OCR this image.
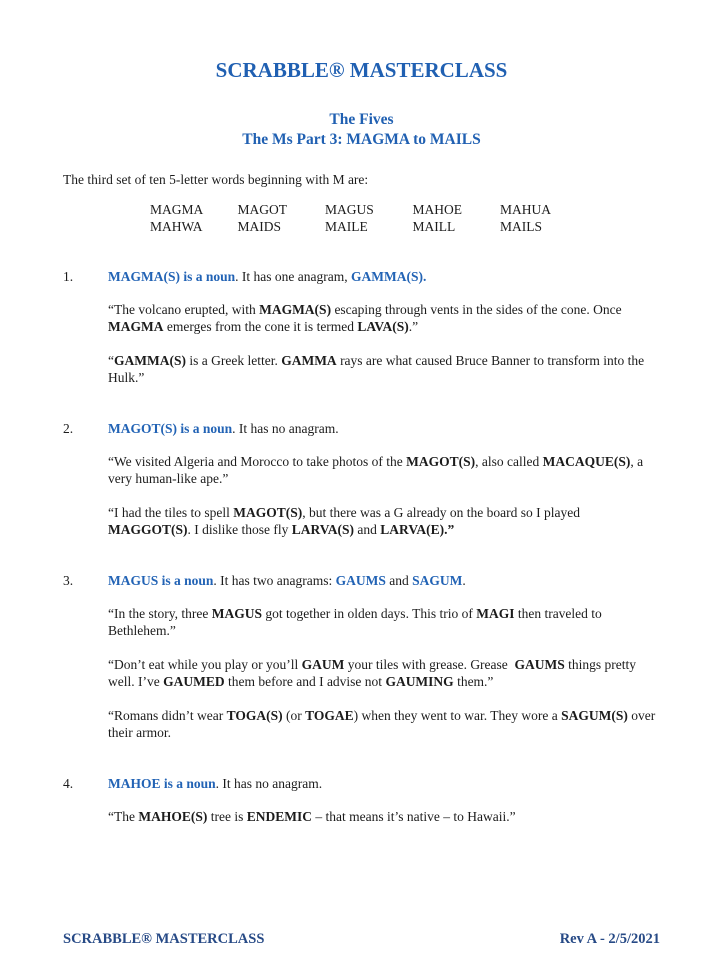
SCRABBLE® MASTERCLASS
The Fives
The Ms Part 3: MAGMA to MAILS
The third set of ten 5-letter words beginning with M are:
MAGMA	MAGOT	MAGUS	MAHOE	MAHUA
MAHWA	MAIDS	MAILE	MAILL	MAILS
1.	MAGMA(S) is a noun. It has one anagram, GAMMA(S).

“The volcano erupted, with MAGMA(S) escaping through vents in the sides of the cone. Once MAGMA emerges from the cone it is termed LAVA(S).”

“GAMMA(S) is a Greek letter. GAMMA rays are what caused Bruce Banner to transform into the Hulk.”

2.	MAGOT(S) is a noun. It has no anagram.

“We visited Algeria and Morocco to take photos of the MAGOT(S), also called MACAQUE(S), a very human-like ape.”

“I had the tiles to spell MAGOT(S), but there was a G already on the board so I played MAGGOT(S). I dislike those fly LARVA(S) and LARVA(E).”

3.	MAGUS is a noun. It has two anagrams: GAUMS and SAGUM.

“In the story, three MAGUS got together in olden days. This trio of MAGI then traveled to Bethlehem.”

“Don’t eat while you play or you’ll GAUM your tiles with grease. Grease  GAUMS things pretty well. I’ve GAUMED them before and I advise not GAUMING them.”

“Romans didn’t wear TOGA(S) (or TOGAE) when they went to war. They wore a SAGUM(S) over their armor.

4.	MAHOE is a noun. It has no anagram.

“The MAHOE(S) tree is ENDEMIC – that means it’s native – to Hawaii.”

SCRABBLE® MASTERCLASS	Rev A - 2/5/2021
